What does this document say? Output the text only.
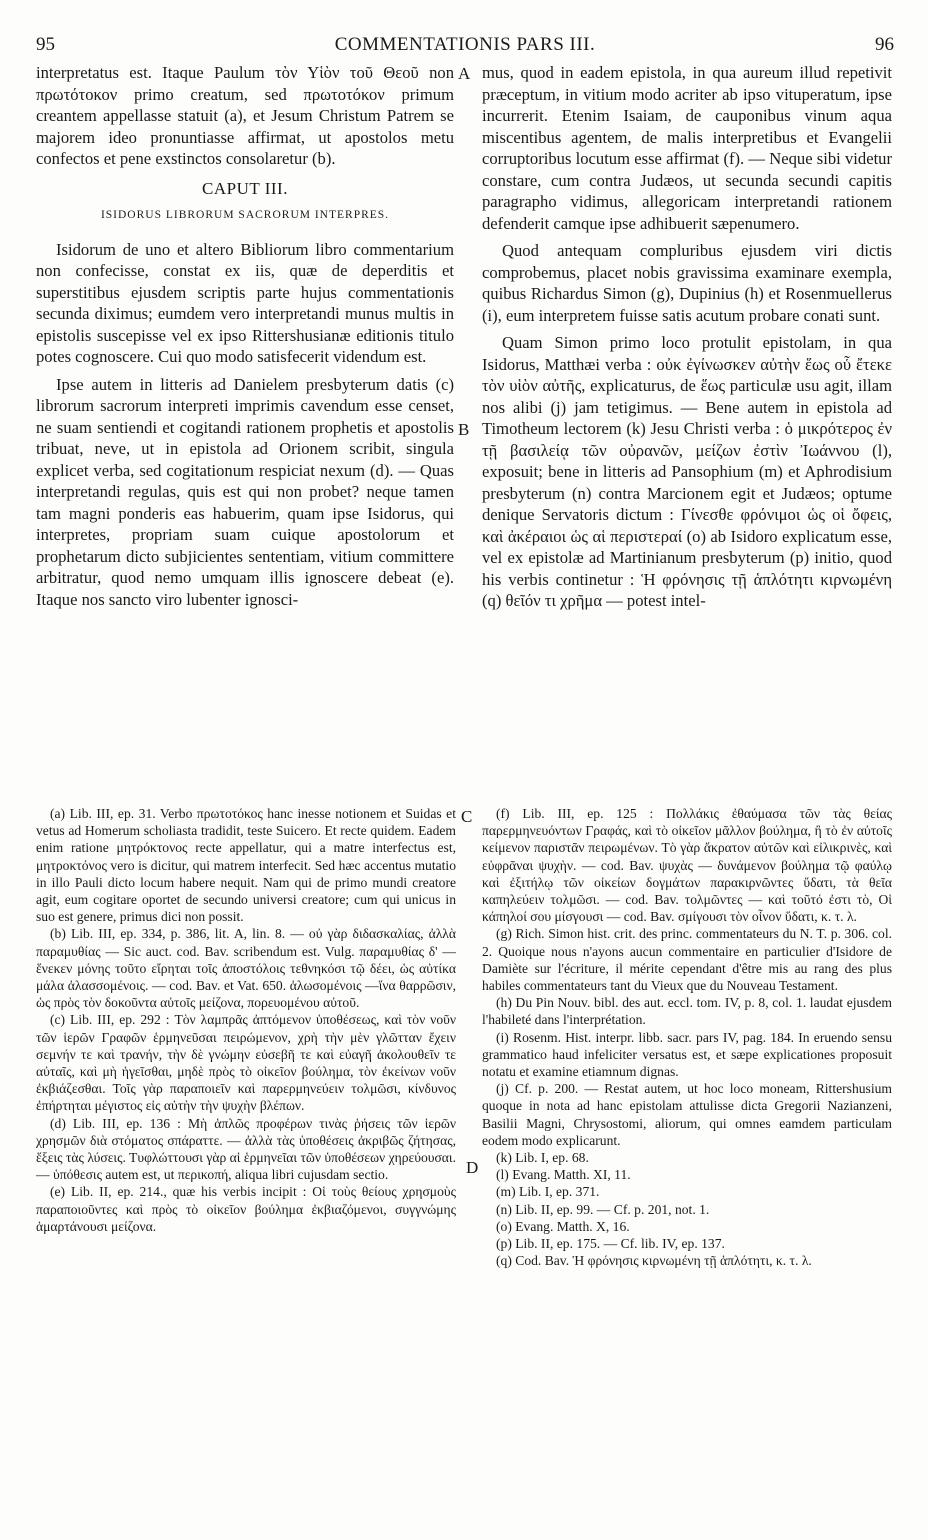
95	COMMENTATIONIS PARS III.	96
A
B
C
D

interpretatus est. Itaque Paulum τὸν Υἱὸν τοῦ Θεοῦ non πρωτότοκον primo creatum, sed πρωτοτόκον primum creantem appellasse statuit (a), et Jesum Christum Patrem se majorem ideo pronuntiasse affirmat, ut apostolos metu confectos et pene exstinctos consolaretur (b).

CAPUT III.
ISIDORUS LIBRORUM SACRORUM INTERPRES.

Isidorum de uno et altero Bibliorum libro commentarium non confecisse, constat ex iis, quæ de deperditis et superstitibus ejusdem scriptis parte hujus commentationis secunda diximus; eumdem vero interpretandi munus multis in epistolis suscepisse vel ex ipso Rittershusianæ editionis titulo potes cognoscere. Cui quo modo satisfecerit videndum est.

Ipse autem in litteris ad Danielem presbyterum datis (c) librorum sacrorum interpreti imprimis cavendum esse censet, ne suam sentiendi et cogitandi rationem prophetis et apostolis tribuat, neve, ut in epistola ad Orionem scribit, singula explicet verba, sed cogitationum respiciat nexum (d). — Quas interpretandi regulas, quis est qui non probet? neque tamen tam magni ponderis eas habuerim, quam ipse Isidorus, qui interpretes, propriam suam cuique apostolorum et prophetarum dicto subjicientes sententiam, vitium committere arbitratur, quod nemo umquam illis ignoscere debeat (e). Itaque nos sancto viro lubenter ignosci-

mus, quod in eadem epistola, in qua aureum illud repetivit præceptum, in vitium modo acriter ab ipso vituperatum, ipse incurrerit. Etenim Isaiam, de cauponibus vinum aqua miscentibus agentem, de malis interpretibus et Evangelii corruptoribus locutum esse affirmat (f). — Neque sibi videtur constare, cum contra Judæos, ut secunda secundi capitis paragrapho vidimus, allegoricam interpretandi rationem defenderit camque ipse adhibuerit sæpenumero.

Quod antequam compluribus ejusdem viri dictis comprobemus, placet nobis gravissima examinare exempla, quibus Richardus Simon (g), Dupinius (h) et Rosenmuellerus (i), eum interpretem fuisse satis acutum probare conati sunt.

Quam Simon primo loco protulit epistolam, in qua Isidorus, Matthæi verba : οὐκ ἐγίνωσκεν αὐτὴν ἕως οὗ ἔτεκε τὸν υἱὸν αὐτῆς, explicaturus, de ἕως particulæ usu agit, illam nos alibi (j) jam tetigimus. — Bene autem in epistola ad Timotheum lectorem (k) Jesu Christi verba : ὁ μικρότερος ἐν τῇ βασιλείᾳ τῶν οὐρανῶν, μείζων ἐστὶν Ἰωάννου (l), exposuit; bene in litteris ad Pansophium (m) et Aphrodisium presbyterum (n) contra Marcionem egit et Judæos; optume denique Servatoris dictum : Γίνεσθε φρόνιμοι ὡς οἱ ὄφεις, καὶ ἀκέραιοι ὡς αἱ περιστεραί (o) ab Isidoro explicatum esse, vel ex epistolæ ad Martinianum presbyterum (p) initio, quod his verbis continetur : Ἡ φρόνησις τῇ ἁπλότητι κιρνωμένη (q) θεῖόν τι χρῆμα — potest intel-

(a) Lib. III, ep. 31. Verbo πρωτοτόκος hanc inesse notionem et Suidas et vetus ad Homerum scholiasta tradidit, teste Suicero. Et recte quidem. Eadem enim ratione μητρόκτονος recte appellatur, qui a matre interfectus est, μητροκτόνος vero is dicitur, qui matrem interfecit. Sed hæc accentus mutatio in illo Pauli dicto locum habere nequit. Nam qui de primo mundi creatore agit, eum cogitare oportet de secundo universi creatore; cum qui unicus in suo est genere, primus dici non possit.

(b) Lib. III, ep. 334, p. 386, lit. A, lin. 8. — οὐ γὰρ διδασκαλίας, ἀλλὰ παραμυθίας — Sic auct. cod. Bav. scribendum est. Vulg. παραμυθίας δ' — ἕνεκεν μόνης τοῦτο εἴρηται τοῖς ἀποστόλοις τεθνηκόσι τῷ δέει, ὡς αὐτίκα μάλα ἀλασσομένοις. — cod. Bav. et Vat. 650. ἁλωσομένοις —ἵνα θαρρῶσιν, ὡς πρὸς τὸν δοκοῦντα αὐτοῖς μείζονα, πορευομένου αὐτοῦ.

(c) Lib. III, ep. 292 : Τὸν λαμπρᾶς ἀπτόμενον ὑποθέσεως, καὶ τὸν νοῦν τῶν ἱερῶν Γραφῶν ἑρμηνεῦσαι πειρώμενον, χρὴ τὴν μὲν γλῶτταν ἔχειν σεμνήν τε καὶ τρανήν, τὴν δὲ γνώμην εὐσεβῆ τε καὶ εὐαγῆ ἀκολουθεῖν τε αὐταῖς, καὶ μὴ ἡγεῖσθαι, μηδὲ πρὸς τὸ οἰκεῖον βούλημα, τὸν ἐκείνων νοῦν ἐκβιάζεσθαι. Τοῖς γὰρ παραποιεῖν καὶ παρερμηνεύειν τολμῶσι, κίνδυνος ἐπήρτηται μέγιστος εἰς αὐτὴν τὴν ψυχὴν βλέπων.

(d) Lib. III, ep. 136 : Μὴ ἁπλῶς προφέρων τινὰς ῥήσεις τῶν ἱερῶν χρησμῶν διὰ στόματος σπάραττε. — ἀλλὰ τὰς ὑποθέσεις ἀκριβῶς ζήτησας, ἕξεις τὰς λύσεις. Τυφλώττουσι γὰρ αἱ ἑρμηνεῖαι τῶν ὑποθέσεων χηρεύουσαι. — ὑπόθεσις autem est, ut περικοπή, aliqua libri cujusdam sectio.

(e) Lib. II, ep. 214., quæ his verbis incipit : Οἱ τοὺς θείους χρησμοὺς παραποιοῦντες καὶ πρὸς τὸ οἰκεῖον βούλημα ἐκβιαζόμενοι, συγγνώμης ἁμαρτάνουσι μείζονα.

(f) Lib. III, ep. 125 : Πολλάκις ἐθαύμασα τῶν τὰς θείας παρερμηνευόντων Γραφάς, καὶ τὸ οἰκεῖον μᾶλλον βούλημα, ἢ τὸ ἐν αὐτοῖς κείμενον παριστᾶν πειρωμένων. Τὸ γὰρ ἄκρατον αὐτῶν καὶ εἰλικρινὲς, καὶ εὐφρᾶναι ψυχὴν. — cod. Bav. ψυχὰς — δυνάμενον βούλημα τῷ φαύλῳ καὶ ἐξιτήλῳ τῶν οἰκείων δογμάτων παρακιρνῶντες ὕδατι, τὰ θεῖα καπηλεύειν τολμῶσι. — cod. Bav. τολμῶντες — καὶ τοῦτό ἐστι τὸ, Οἱ κάπηλοί σου μίσγουσι — cod. Bav. σμίγουσι τὸν οἶνον ὕδατι, κ. τ. λ.

(g) Rich. Simon hist. crit. des princ. commentateurs du N. T. p. 306. col. 2. Quoique nous n'ayons aucun commentaire en particulier d'Isidore de Damiète sur l'écriture, il mérite cependant d'être mis au rang des plus habiles commentateurs tant du Vieux que du Nouveau Testament.

(h) Du Pin Nouv. bibl. des aut. eccl. tom. IV, p. 8, col. 1. laudat ejusdem l'habileté dans l'interprétation.

(i) Rosenm. Hist. interpr. libb. sacr. pars IV, pag. 184. In eruendo sensu grammatico haud infeliciter versatus est, et sæpe explicationes proposuit notatu et examine etiamnum dignas.

(j) Cf. p. 200. — Restat autem, ut hoc loco moneam, Rittershusium quoque in nota ad hanc epistolam attulisse dicta Gregorii Nazianzeni, Basilii Magni, Chrysostomi, aliorum, qui omnes eamdem particulam eodem modo explicarunt.

(k) Lib. I, ep. 68.

(l) Evang. Matth. XI, 11.

(m) Lib. I, ep. 371.

(n) Lib. II, ep. 99. — Cf. p. 201, not. 1.

(o) Evang. Matth. X, 16.

(p) Lib. II, ep. 175. — Cf. lib. IV, ep. 137.

(q) Cod. Bav. Ἡ φρόνησις κιρνωμένη τῇ ἁπλότητι, κ. τ. λ.
